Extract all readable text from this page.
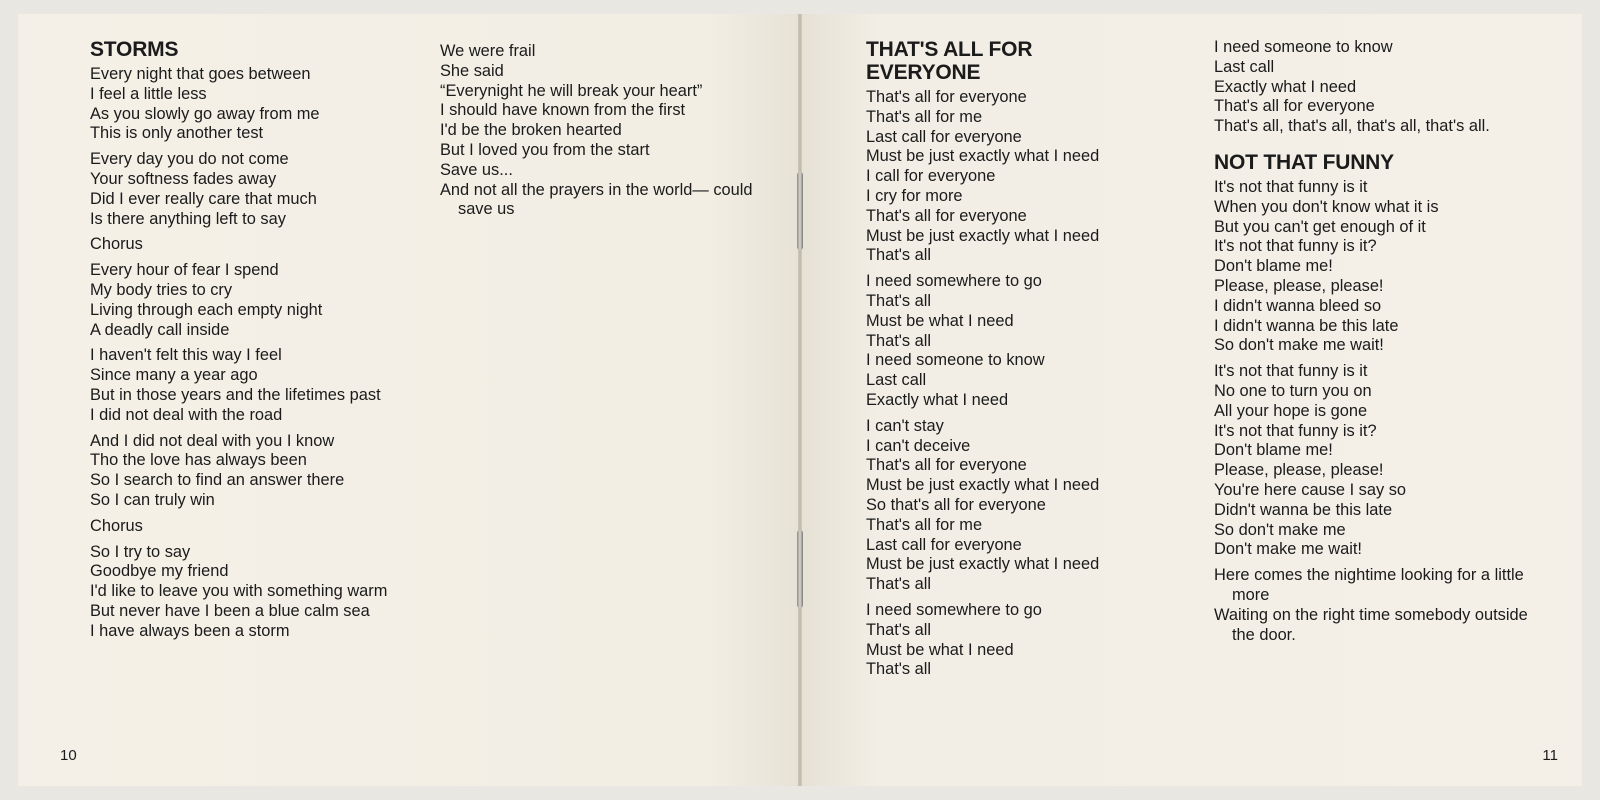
STORMS
Every night that goes between
I feel a little less
As you slowly go away from me
This is only another test
Every day you do not come
Your softness fades away
Did I ever really care that much
Is there anything left to say
Chorus
Every hour of fear I spend
My body tries to cry
Living through each empty night
A deadly call inside
I haven't felt this way I feel
Since many a year ago
But in those years and the lifetimes past
I did not deal with the road
And I did not deal with you I know
Tho the love has always been
So I search to find an answer there
So I can truly win
Chorus
So I try to say
Goodbye my friend
I'd like to leave you with something warm
But never have I been a blue calm sea
I have always been a storm
We were frail
She said
“Everynight he will break your heart”
I should have known from the first
I'd be the broken hearted
But I loved you from the start
Save us...
And not all the prayers in the world— could save us
10
THAT'S ALL FOR EVERYONE
That's all for everyone
That's all for me
Last call for everyone
Must be just exactly what I need
I call for everyone
I cry for more
That's all for everyone
Must be just exactly what I need
That's all
I need somewhere to go
That's all
Must be what I need
That's all
I need someone to know
Last call
Exactly what I need
I can't stay
I can't deceive
That's all for everyone
Must be just exactly what I need
So that's all for everyone
That's all for me
Last call for everyone
Must be just exactly what I need
That's all
I need somewhere to go
That's all
Must be what I need
That's all
I need someone to know
Last call
Exactly what I need
That's all for everyone
That's all, that's all, that's all, that's all.
NOT THAT FUNNY
It's not that funny is it
When you don't know what it is
But you can't get enough of it
It's not that funny is it?
Don't blame me!
Please, please, please!
I didn't wanna bleed so
I didn't wanna be this late
So don't make me wait!
It's not that funny is it
No one to turn you on
All your hope is gone
It's not that funny is it?
Don't blame me!
Please, please, please!
You're here cause I say so
Didn't wanna be this late
So don't make me
Don't make me wait!
Here comes the nightime looking for a little more
Waiting on the right time somebody outside the door.
11
